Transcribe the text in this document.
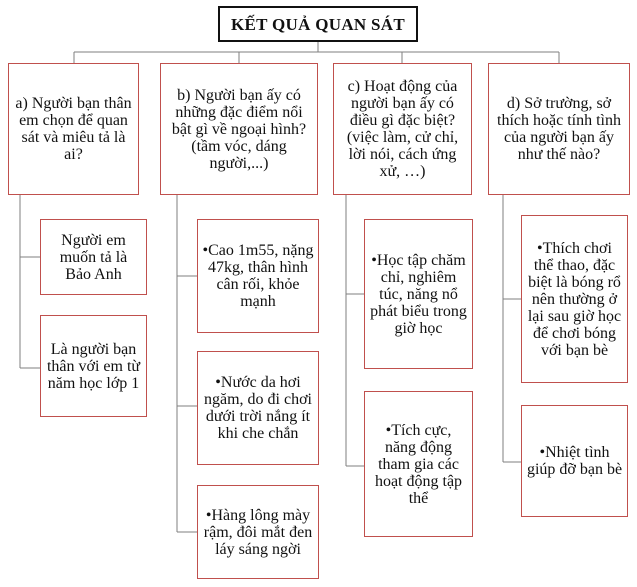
KẾT QUẢ QUAN SÁT
a) Người bạn thân em chọn để quan sát và miêu tả là ai?
b) Người bạn ấy có những đặc điểm nổi bật gì về ngoại hình? (tầm vóc, dáng người,...)
c) Hoạt động của người bạn ấy có điều gì đặc biệt? (việc làm, cử chỉ, lời nói, cách ứng xử, …)
d) Sở trường, sở thích hoặc tính tình của người bạn ấy như thế nào?
Người em muốn tả là Bảo Anh
Là người bạn thân với em từ năm học lớp 1
•Cao 1m55, nặng 47kg, thân hình cân rối, khỏe mạnh
•Nước da hơi ngăm, do đi chơi dưới trời nắng ít khi che chắn
•Hàng lông mày rậm, đôi mắt đen láy sáng ngời
•Học tập chăm chỉ, nghiêm túc, năng nổ phát biểu trong giờ học
•Tích cực, năng động tham gia các hoạt động tập thể
•Thích chơi thể thao, đặc biệt là bóng rổ nên thường ở lại sau giờ học để chơi bóng với bạn bè
•Nhiệt tình giúp đỡ bạn bè
